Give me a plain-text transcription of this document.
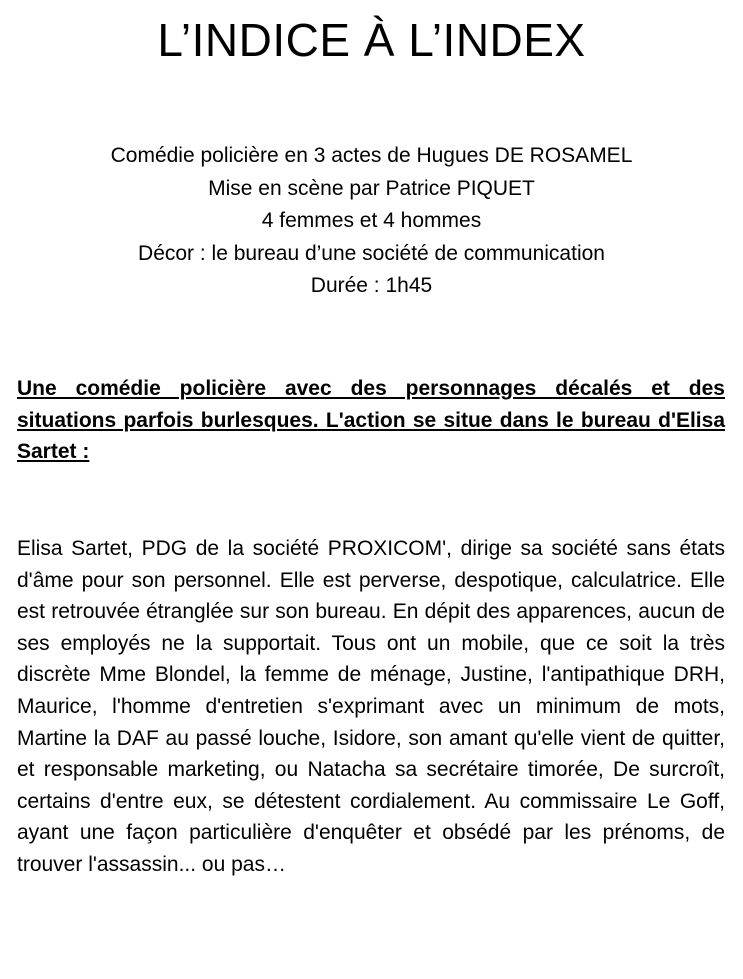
L’INDICE À L’INDEX
Comédie policière en 3 actes de Hugues DE ROSAMEL
Mise en scène par Patrice PIQUET
4 femmes et 4 hommes
Décor : le bureau d’une société de communication
Durée : 1h45

Une comédie policière avec des personnages décalés et des situations parfois burlesques. L'action se situe dans le bureau d'Elisa Sartet :

Elisa Sartet, PDG de la société PROXICOM', dirige sa société sans états d'âme pour son personnel. Elle est perverse, despotique, calculatrice. Elle est retrouvée étranglée sur son bureau. En dépit des apparences, aucun de ses employés ne la supportait. Tous ont un mobile, que ce soit la très discrète Mme Blondel, la femme de ménage, Justine, l'antipathique DRH, Maurice, l'homme d'entretien s'exprimant avec un minimum de mots, Martine la DAF au passé louche, Isidore, son amant qu'elle vient de quitter, et responsable marketing, ou Natacha sa secrétaire timorée, De surcroît, certains d'entre eux, se détestent cordialement. Au commissaire Le Goff, ayant une façon particulière d'enquêter et obsédé par les prénoms, de trouver l'assassin... ou pas…
